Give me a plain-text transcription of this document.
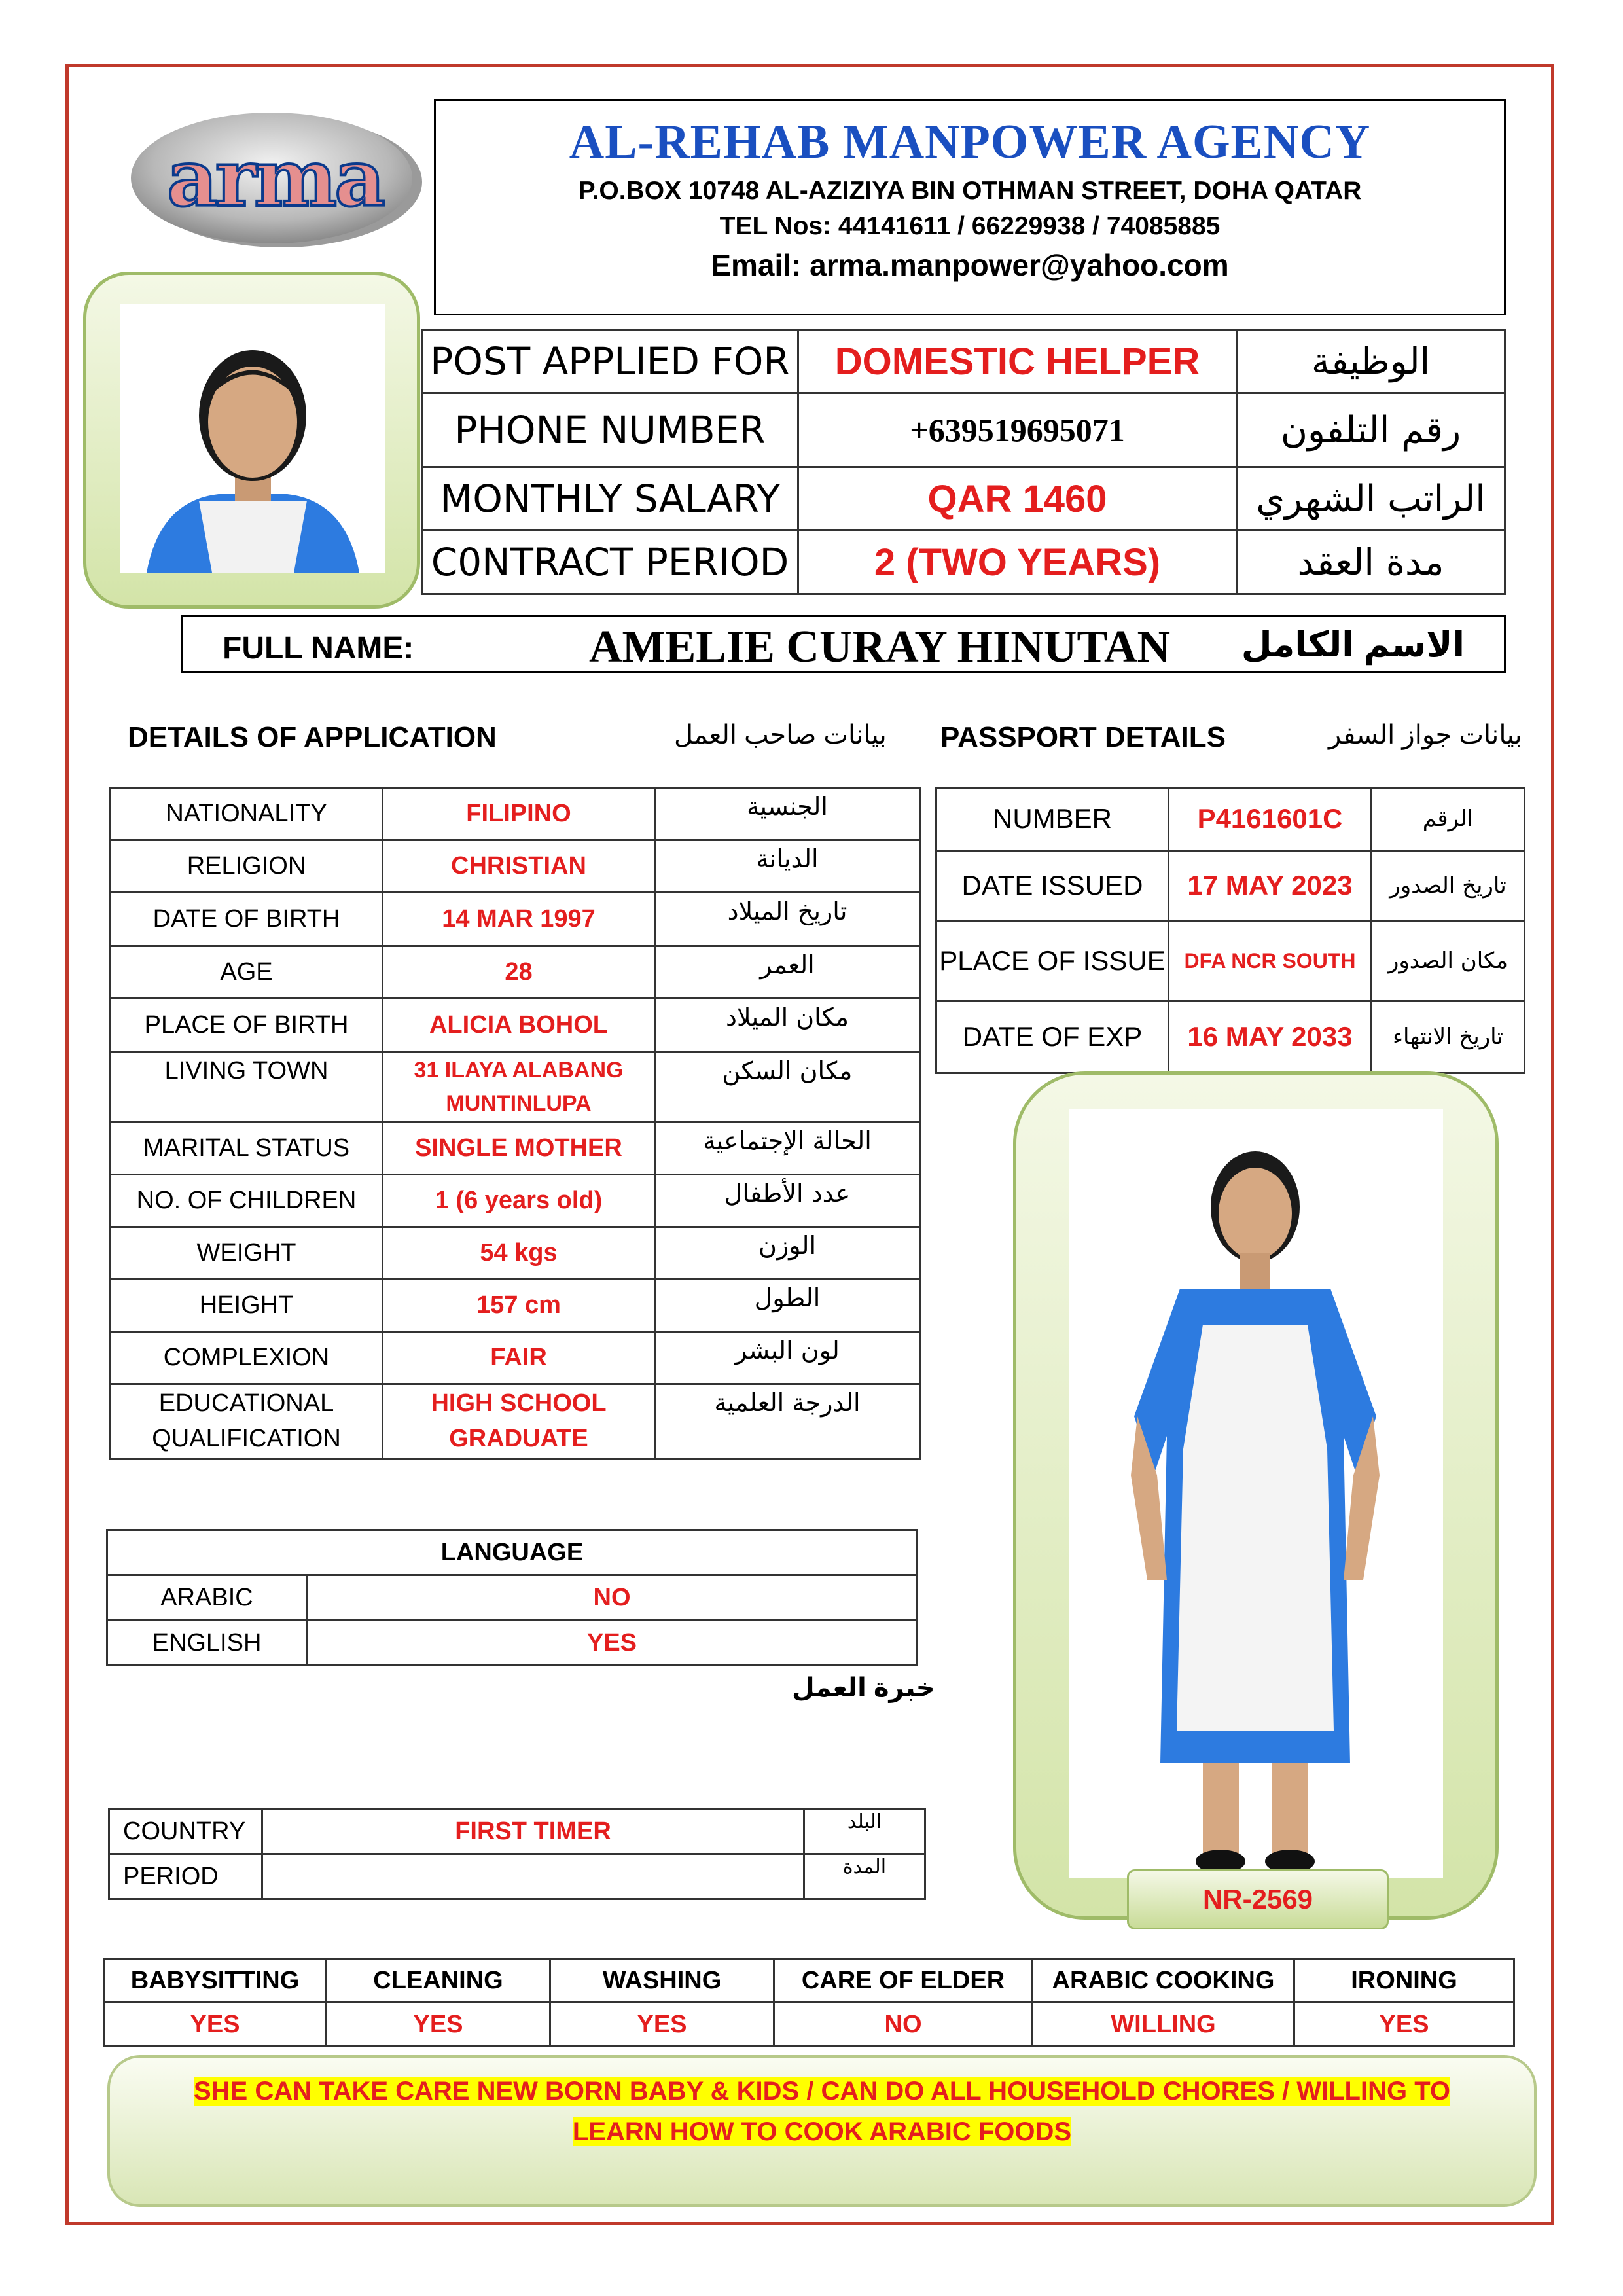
arma	AL-REHAB MANPOWER AGENCY
P.O.BOX 10748 AL-AZIZIYA BIN OTHMAN STREET, DOHA QATAR
TEL Nos: 44141611 / 66229938 / 74085885
Email: arma.manpower@yahoo.com
POST APPLIED FOR	DOMESTIC HELPER	الوظيفة
PHONE NUMBER	+639519695071	رقم التلفون
MONTHLY SALARY	QAR 1460	الراتب الشهري
C0NTRACT PERIOD	2 (TWO YEARS)	مدة العقد
FULL NAME:	AMELIE CURAY HINUTAN الاسم الكامل
DETAILS OF APPLICATION	بيانات صاحب العمل PASSPORT DETAILS	بيانات جواز السفر
NATIONALITY	FILIPINO	الجنسية
RELIGION	CHRISTIAN	الديانة
DATE OF BIRTH	14 MAR 1997	تاريخ الميلاد
AGE	28	العمر
PLACE OF BIRTH	ALICIA BOHOL	مكان الميلاد
LIVING TOWN	31 ILAYA ALABANG MUNTINLUPA	مكان السكن
MARITAL STATUS	SINGLE MOTHER	الحالة الإجتماعية
NO. OF CHILDREN	1 (6 years old)	عدد الأطفال
WEIGHT	54 kgs	الوزن
HEIGHT	157 cm	الطول
COMPLEXION	FAIR	لون البشر
EDUCATIONAL QUALIFICATION	HIGH SCHOOL GRADUATE	الدرجة العلمية
NUMBER	P4161601C	الرقم
DATE ISSUED	17 MAY 2023	تاريخ الصدور
PLACE OF ISSUE	DFA NCR SOUTH	مكان الصدور
DATE OF EXP	16 MAY 2033	تاريخ الانتهاء
NR-2569
LANGUAGE	
ARABIC	NO
ENGLISH	YES
خبرة العمل
COUNTRY	FIRST TIMER	البلد
PERIOD		المدة
BABYSITTING	CLEANING	WASHING	CARE OF ELDER	ARABIC COOKING	IRONING
YES	YES	YES	NO	WILLING	YES
SHE CAN TAKE CARE NEW BORN BABY & KIDS / CAN DO ALL HOUSEHOLD CHORES / WILLING TO LEARN HOW TO COOK ARABIC FOODS
